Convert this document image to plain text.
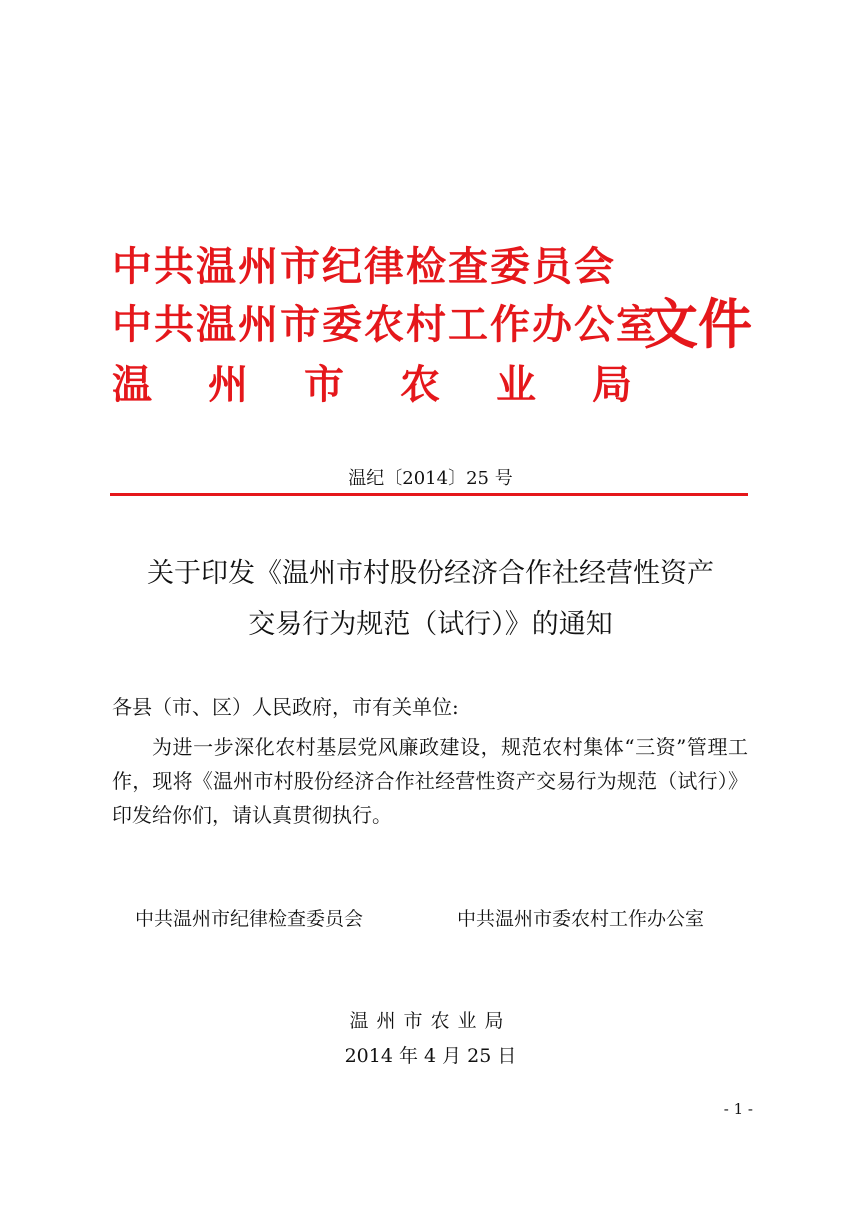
中共温州市纪律检查委员会
中共温州市委农村工作办公室
温 州 市 农 业 局
文件
温纪〔2014〕25 号
关于印发《温州市村股份经济合作社经营性资产
交易行为规范（试行）》的通知
各县（市、区）人民政府，市有关单位:
为进一步深化农村基层党风廉政建设，规范农村集体“三资”管理工作，现将《温州市村股份经济合作社经营性资产交易行为规范（试行）》印发给你们，请认真贯彻执行。
中共温州市纪律检查委员会	中共温州市委农村工作办公室
温州市农业局
2014 年 4 月 25 日
- 1 -
